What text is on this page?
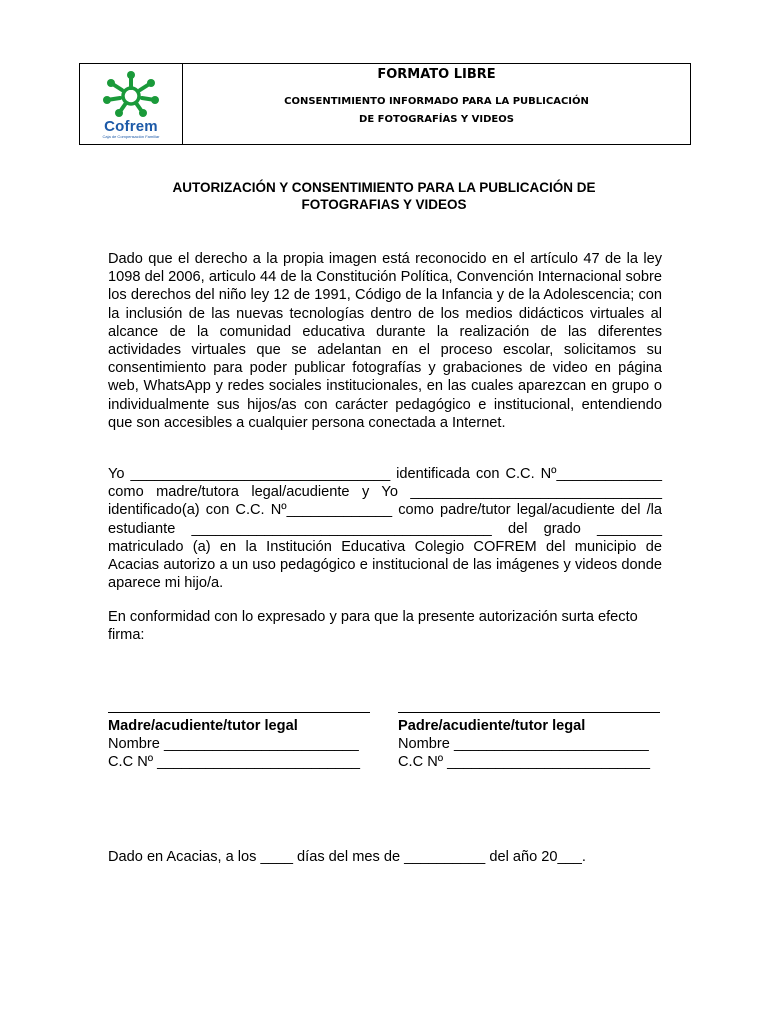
Cofrem
Caja de Compensación Familiar
FORMATO LIBRE
CONSENTIMIENTO INFORMADO PARA LA PUBLICACIÓN
DE FOTOGRAFÍAS Y VIDEOS
AUTORIZACIÓN Y CONSENTIMIENTO PARA LA PUBLICACIÓN DE
FOTOGRAFIAS Y VIDEOS
Dado que el derecho a la propia imagen está reconocido en el artículo 47 de la ley 1098 del 2006, articulo 44 de la Constitución Política, Convención Internacional sobre los derechos del niño ley 12 de 1991, Código de la Infancia y de la Adolescencia; con la inclusión de las nuevas tecnologías dentro de los medios didácticos virtuales al alcance de la comunidad educativa durante la realización de las diferentes actividades virtuales que se adelantan en el proceso escolar, solicitamos su consentimiento para poder publicar fotografías y grabaciones de video en página web, WhatsApp y redes sociales institucionales, en las cuales aparezcan en grupo o individualmente sus hijos/as con carácter pedagógico e institucional, entendiendo que son accesibles a cualquier persona conectada a Internet.
Yo ________________________________ identificada con C.C. Nº_____________ como madre/tutora legal/acudiente y Yo _______________________________ identificado(a) con C.C. Nº_____________ como padre/tutor legal/acudiente del /la estudiante _____________________________________ del grado ________ matriculado (a) en la Institución Educativa Colegio COFREM del municipio de Acacias autorizo a un uso pedagógico e institucional de las imágenes y videos donde aparece mi hijo/a.
En conformidad con lo expresado y para que la presente autorización surta efecto firma:
Madre/acudiente/tutor legal
Nombre ________________________
C.C Nº _________________________
Padre/acudiente/tutor legal
Nombre ________________________
C.C Nº _________________________
Dado en Acacias, a los ____ días del mes de __________ del año 20___.
